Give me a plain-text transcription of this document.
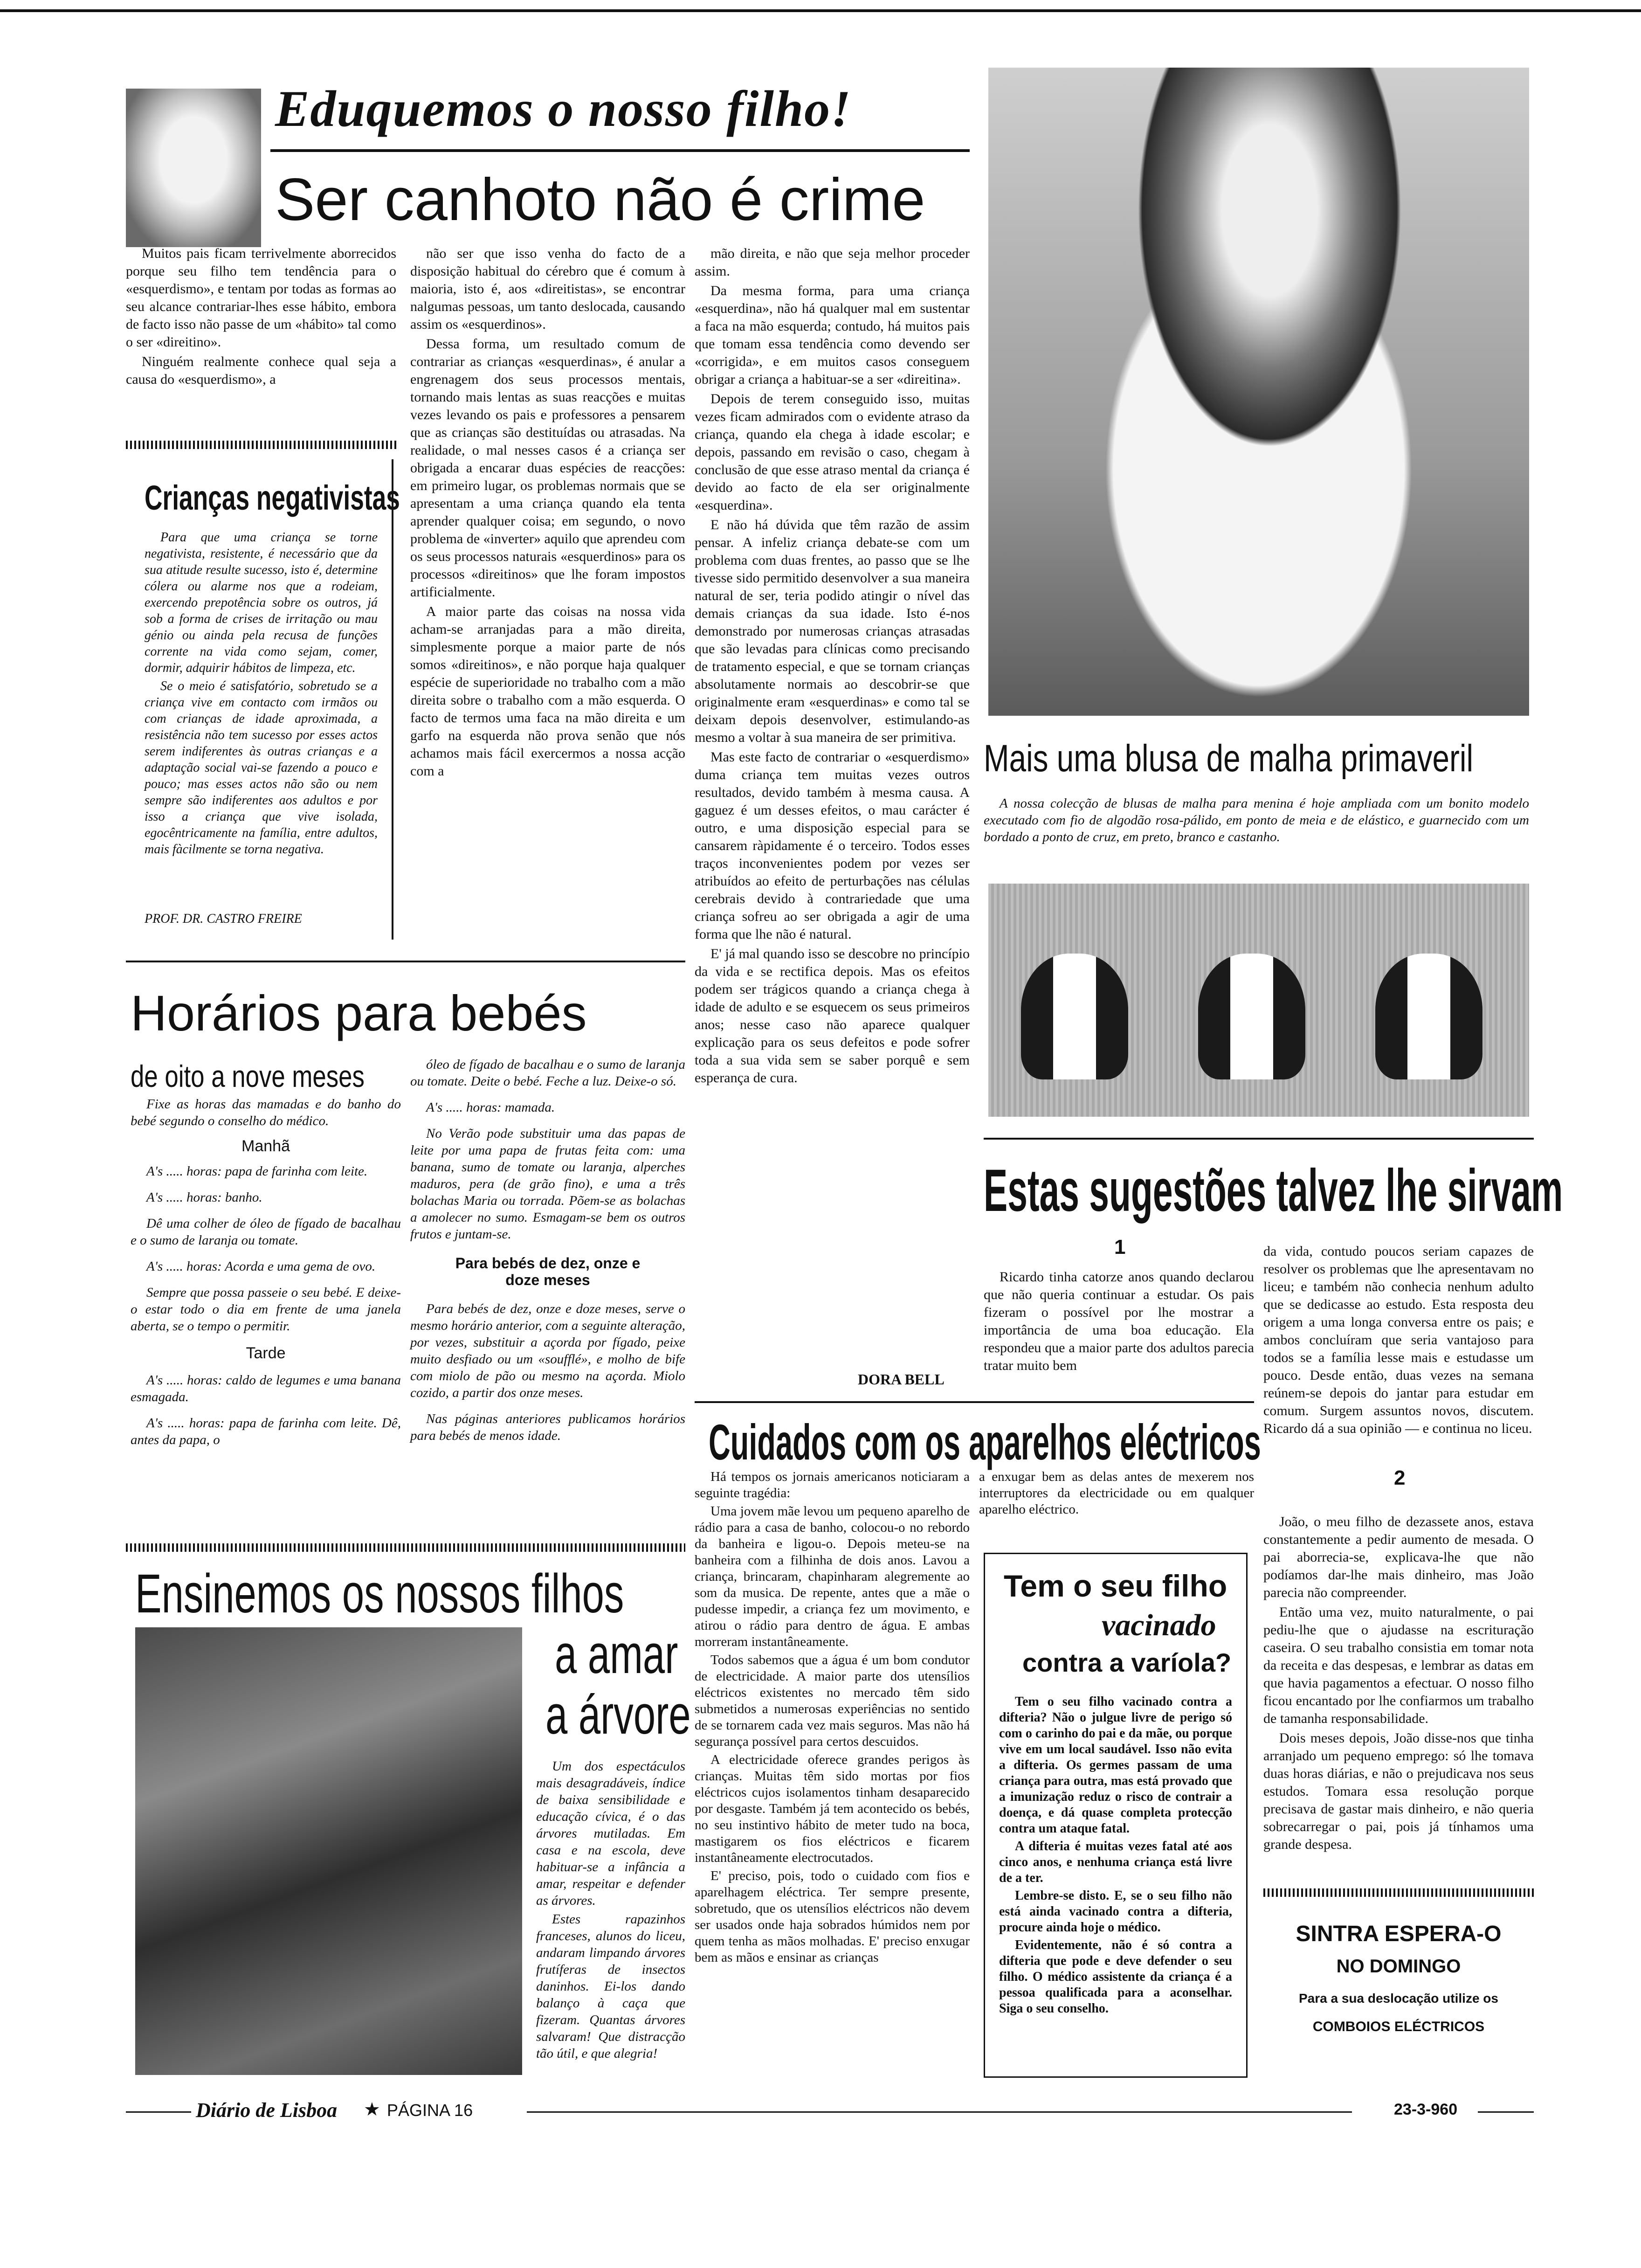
Eduquemos o nosso filho!
Ser canhoto não é crime

Muitos pais ficam terrivelmente aborrecidos porque seu filho tem tendência para o «esquerdismo», e tentam por todas as formas ao seu alcance contrariar-lhes esse hábito, embora de facto isso não passe de um «hábito» tal como o ser «direitino».

Ninguém realmente conhece qual seja a causa do «esquerdismo», a

Crianças negativistas

Para que uma criança se torne negativista, resistente, é necessário que da sua atitude resulte sucesso, isto é, determine cólera ou alarme nos que a rodeiam, exercendo prepotência sobre os outros, já sob a forma de crises de irritação ou mau génio ou ainda pela recusa de funções corrente na vida como sejam, comer, dormir, adquirir hábitos de limpeza, etc.

Se o meio é satisfatório, sobretudo se a criança vive em contacto com irmãos ou com crianças de idade aproximada, a resistência não tem sucesso por esses actos serem indiferentes às outras crianças e a adaptação social vai-se fazendo a pouco e pouco; mas esses actos não são ou nem sempre são indiferentes aos adultos e por isso a criança que vive isolada, egocêntricamente na família, entre adultos, mais fàcilmente se torna negativa.

PROF. DR. CASTRO FREIRE

não ser que isso venha do facto de a disposição habitual do cérebro que é comum à maioria, isto é, aos «direitistas», se encontrar nalgumas pessoas, um tanto deslocada, causando assim os «esquerdinos».

Dessa forma, um resultado comum de contrariar as crianças «esquerdinas», é anular a engrenagem dos seus processos mentais, tornando mais lentas as suas reacções e muitas vezes levando os pais e professores a pensarem que as crianças são destituídas ou atrasadas. Na realidade, o mal nesses casos é a criança ser obrigada a encarar duas espécies de reacções: em primeiro lugar, os problemas normais que se apresentam a uma criança quando ela tenta aprender qualquer coisa; em segundo, o novo problema de «inverter» aquilo que aprendeu com os seus processos naturais «esquerdinos» para os processos «direitinos» que lhe foram impostos artificialmente.

A maior parte das coisas na nossa vida acham-se arranjadas para a mão direita, simplesmente porque a maior parte de nós somos «direitinos», e não porque haja qualquer espécie de superioridade no trabalho com a mão direita sobre o trabalho com a mão esquerda. O facto de termos uma faca na mão direita e um garfo na esquerda não prova senão que nós achamos mais fácil exercermos a nossa acção com a

mão direita, e não que seja melhor proceder assim.

Da mesma forma, para uma criança «esquerdina», não há qualquer mal em sustentar a faca na mão esquerda; contudo, há muitos pais que tomam essa tendência como devendo ser «corrigida», e em muitos casos conseguem obrigar a criança a habituar-se a ser «direitina».

Depois de terem conseguido isso, muitas vezes ficam admirados com o evidente atraso da criança, quando ela chega à idade escolar; e depois, passando em revisão o caso, chegam à conclusão de que esse atraso mental da criança é devido ao facto de ela ser originalmente «esquerdina».

E não há dúvida que têm razão de assim pensar. A infeliz criança debate-se com um problema com duas frentes, ao passo que se lhe tivesse sido permitido desenvolver a sua maneira natural de ser, teria podido atingir o nível das demais crianças da sua idade. Isto é-nos demonstrado por numerosas crianças atrasadas que são levadas para clínicas como precisando de tratamento especial, e que se tornam crianças absolutamente normais ao descobrir-se que originalmente eram «esquerdinas» e como tal se deixam depois desenvolver, estimulando-as mesmo a voltar à sua maneira de ser primitiva.

Mas este facto de contrariar o «esquerdismo» duma criança tem muitas vezes outros resultados, devido também à mesma causa. A gaguez é um desses efeitos, o mau carácter é outro, e uma disposição especial para se cansarem ràpidamente é o terceiro. Todos esses traços inconvenientes podem por vezes ser atribuídos ao efeito de perturbações nas células cerebrais devido à contrariedade que uma criança sofreu ao ser obrigada a agir de uma forma que lhe não é natural.

E' já mal quando isso se descobre no princípio da vida e se rectifica depois. Mas os efeitos podem ser trágicos quando a criança chega à idade de adulto e se esquecem os seus primeiros anos; nesse caso não aparece qualquer explicação para os seus defeitos e pode sofrer toda a sua vida sem se saber porquê e sem esperança de cura.

DORA BELL
Horários para bebés
de oito a nove meses

Fixe as horas das mamadas e do banho do bebé segundo o conselho do médico.

Manhã

A's ..... horas: papa de farinha com leite.

A's ..... horas: banho.

Dê uma colher de óleo de fígado de bacalhau e o sumo de laranja ou tomate.

A's ..... horas: Acorda e uma gema de ovo.

Sempre que possa passeie o seu bebé. E deixe-o estar todo o dia em frente de uma janela aberta, se o tempo o permitir.

Tarde

A's ..... horas: caldo de legumes e uma banana esmagada.

A's ..... horas: papa de farinha com leite. Dê, antes da papa, o

óleo de fígado de bacalhau e o sumo de laranja ou tomate. Deite o bebé. Feche a luz. Deixe-o só.

A's ..... horas: mamada.

No Verão pode substituir uma das papas de leite por uma papa de frutas feita com: uma banana, sumo de tomate ou laranja, alperches maduros, pera (de grão fino), e uma a três bolachas Maria ou torrada. Põem-se as bolachas a amolecer no sumo. Esmagam-se bem os outros frutos e juntam-se.

Para bebés de dez, onze e doze meses

Para bebés de dez, onze e doze meses, serve o mesmo horário anterior, com a seguinte alteração, por vezes, substituir a açorda por fígado, peixe muito desfiado ou um «soufflé», e molho de bife com miolo de pão ou mesmo na açorda. Miolo cozido, a partir dos onze meses.

Nas páginas anteriores publicamos horários para bebés de menos idade.

Ensinemos os nossos filhos
a amar
a árvore

Um dos espectáculos mais desagradáveis, índice de baixa sensibilidade e educação cívica, é o das árvores mutiladas. Em casa e na escola, deve habituar-se a infância a amar, respeitar e defender as árvores.

Estes rapazinhos franceses, alunos do liceu, andaram limpando árvores frutíferas de insectos daninhos. Ei-los dando balanço à caça que fizeram. Quantas árvores salvaram! Que distracção tão útil, e que alegria!

Mais uma blusa de malha primaveril
A nossa colecção de blusas de malha para menina é hoje ampliada com um bonito modelo executado com fio de algodão rosa-pálido, em ponto de meia e de elástico, e guarnecido com um bordado a ponto de cruz, em preto, branco e castanho.
Estas sugestões talvez lhe sirvam
1
Ricardo tinha catorze anos quando declarou que não queria continuar a estudar. Os pais fizeram o possível por lhe mostrar a importância de uma boa educação. Ela respondeu que a maior parte dos adultos parecia tratar muito bem
da vida, contudo poucos seriam capazes de resolver os problemas que lhe apresentavam no liceu; e também não conhecia nenhum adulto que se dedicasse ao estudo. Esta resposta deu origem a uma longa conversa entre os pais; e ambos concluíram que seria vantajoso para todos se a família lesse mais e estudasse um pouco. Desde então, duas vezes na semana reúnem-se depois do jantar para estudar em comum. Surgem assuntos novos, discutem. Ricardo dá a sua opinião — e continua no liceu.
2

João, o meu filho de dezassete anos, estava constantemente a pedir aumento de mesada. O pai aborrecia-se, explicava-lhe que não podíamos dar-lhe mais dinheiro, mas João parecia não compreender.

Então uma vez, muito naturalmente, o pai pediu-lhe que o ajudasse na escrituração caseira. O seu trabalho consistia em tomar nota da receita e das despesas, e lembrar as datas em que havia pagamentos a efectuar. O nosso filho ficou encantado por lhe confiarmos um trabalho de tamanha responsabilidade.

Dois meses depois, João disse-nos que tinha arranjado um pequeno emprego: só lhe tomava duas horas diárias, e não o prejudicava nos seus estudos. Tomara essa resolução porque precisava de gastar mais dinheiro, e não queria sobrecarregar o pai, pois já tínhamos uma grande despesa.

Cuidados com os aparelhos eléctricos

Há tempos os jornais americanos noticiaram a seguinte tragédia:

Uma jovem mãe levou um pequeno aparelho de rádio para a casa de banho, colocou-o no rebordo da banheira e ligou-o. Depois meteu-se na banheira com a filhinha de dois anos. Lavou a criança, brincaram, chapinharam alegremente ao som da musica. De repente, antes que a mãe o pudesse impedir, a criança fez um movimento, e atirou o rádio para dentro de água. E ambas morreram instantâneamente.

Todos sabemos que a água é um bom condutor de electricidade. A maior parte dos utensílios eléctricos existentes no mercado têm sido submetidos a numerosas experiências no sentido de se tornarem cada vez mais seguros. Mas não há segurança possível para certos descuidos.

A electricidade oferece grandes perigos às crianças. Muitas têm sido mortas por fios eléctricos cujos isolamentos tinham desaparecido por desgaste. Também já tem acontecido os bebés, no seu instintivo hábito de meter tudo na boca, mastigarem os fios eléctricos e ficarem instantâneamente electrocutados.

E' preciso, pois, todo o cuidado com fios e aparelhagem eléctrica. Ter sempre presente, sobretudo, que os utensílios eléctricos não devem ser usados onde haja sobrados húmidos nem por quem tenha as mãos molhadas. E' preciso enxugar bem as mãos e ensinar as crianças

a enxugar bem as delas antes de mexerem nos interruptores da electricidade ou em qualquer aparelho eléctrico.
Tem o seu filho
vacinado
contra a varíola?

Tem o seu filho vacinado contra a difteria? Não o julgue livre de perigo só com o carinho do pai e da mãe, ou porque vive em um local saudável. Isso não evita a difteria. Os germes passam de uma criança para outra, mas está provado que a imunização reduz o risco de contrair a doença, e dá quase completa protecção contra um ataque fatal.

A difteria é muitas vezes fatal até aos cinco anos, e nenhuma criança está livre de a ter.

Lembre-se disto. E, se o seu filho não está ainda vacinado contra a difteria, procure ainda hoje o médico.

Evidentemente, não é só contra a difteria que pode e deve defender o seu filho. O médico assistente da criança é a pessoa qualificada para a aconselhar. Siga o seu conselho.

SINTRA ESPERA-O
NO DOMINGO
Para a sua deslocação utilize os
COMBOIOS ELÉCTRICOS
Diário de Lisboa ★ PÁGINA 16	23-3-960
